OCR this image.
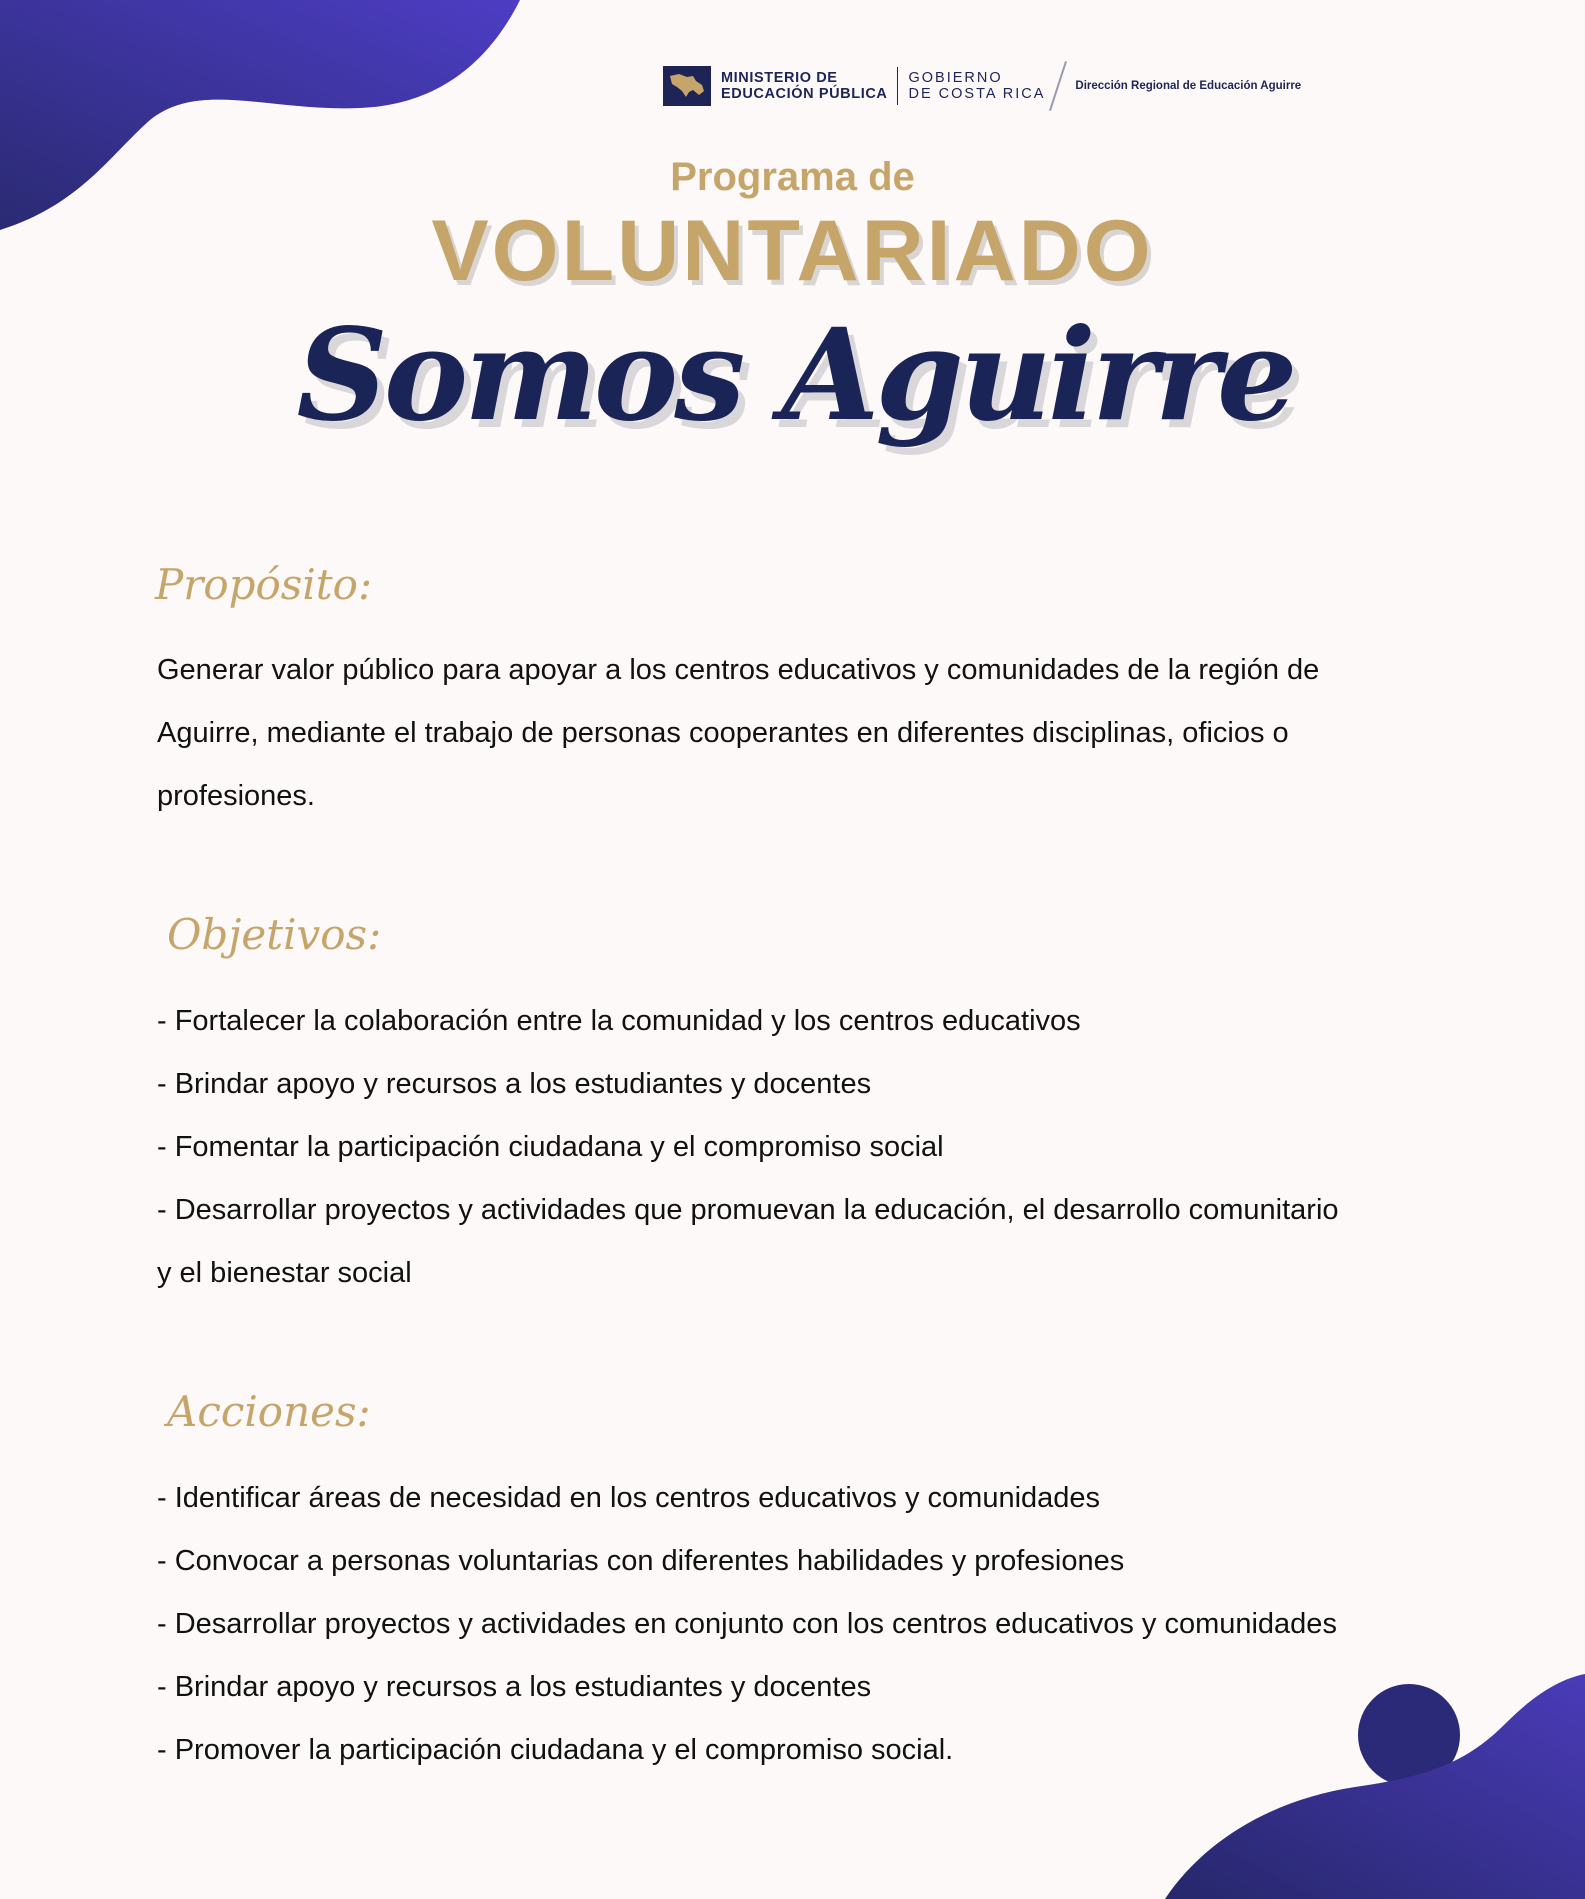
MINISTERIO DE
EDUCACIÓN PÚBLICA
GOBIERNO
DE COSTA RICA	Dirección Regional de Educación Aguirre
Programa de
VOLUNTARIADO
Somos Aguirre
Propósito:
Generar valor público para apoyar a los centros educativos y comunidades de la región de
Aguirre, mediante el trabajo de personas cooperantes en diferentes disciplinas, oficios o
profesiones.
Objetivos:
- Fortalecer la colaboración entre la comunidad y los centros educativos
- Brindar apoyo y recursos a los estudiantes y docentes
- Fomentar la participación ciudadana y el compromiso social
- Desarrollar proyectos y actividades que promuevan la educación, el desarrollo comunitario
y el bienestar social
Acciones:
- Identificar áreas de necesidad en los centros educativos y comunidades
- Convocar a personas voluntarias con diferentes habilidades y profesiones
- Desarrollar proyectos y actividades en conjunto con los centros educativos y comunidades
- Brindar apoyo y recursos a los estudiantes y docentes
- Promover la participación ciudadana y el compromiso social.
